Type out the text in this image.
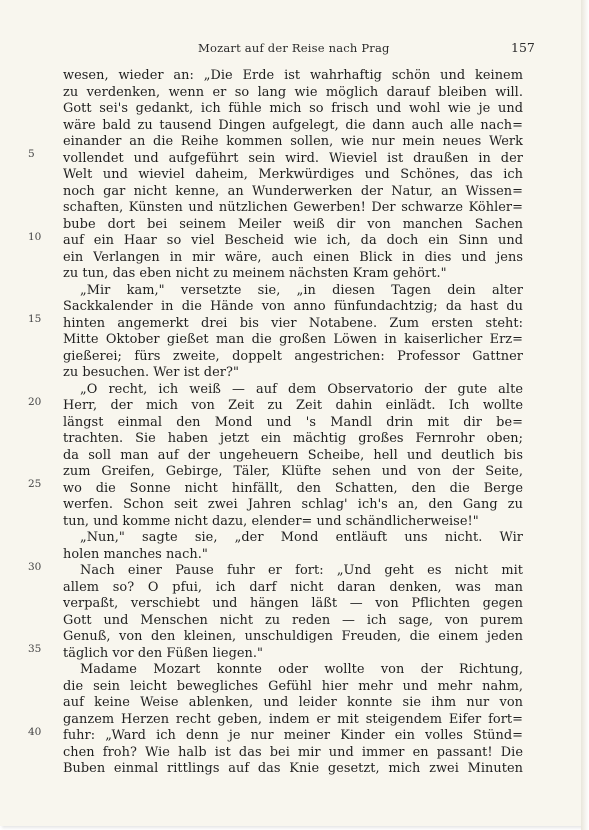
Mozart auf der Reise nach Prag	157
5
10
15
20
25
30
35
40
wesen, wieder an: „Die Erde ist wahrhaftig schön und keinem
zu verdenken, wenn er so lang wie möglich darauf bleiben will.
Gott sei's gedankt, ich fühle mich so frisch und wohl wie je und
wäre bald zu tausend Dingen aufgelegt, die dann auch alle nach=
einander an die Reihe kommen sollen, wie nur mein neues Werk
vollendet und aufgeführt sein wird. Wieviel ist draußen in der
Welt und wieviel daheim, Merkwürdiges und Schönes, das ich
noch gar nicht kenne, an Wunderwerken der Natur, an Wissen=
schaften, Künsten und nützlichen Gewerben! Der schwarze Köhler=
bube dort bei seinem Meiler weiß dir von manchen Sachen
auf ein Haar so viel Bescheid wie ich, da doch ein Sinn und
ein Verlangen in mir wäre, auch einen Blick in dies und jens
zu tun, das eben nicht zu meinem nächsten Kram gehört."
„Mir kam," versetzte sie, „in diesen Tagen dein alter
Sackkalender in die Hände von anno fünfundachtzig; da hast du
hinten angemerkt drei bis vier Notabene. Zum ersten steht:
Mitte Oktober gießet man die großen Löwen in kaiserlicher Erz=
gießerei; fürs zweite, doppelt angestrichen: Professor Gattner
zu besuchen. Wer ist der?"
„O recht, ich weiß — auf dem Observatorio der gute alte
Herr, der mich von Zeit zu Zeit dahin einlädt. Ich wollte
längst einmal den Mond und 's Mandl drin mit dir be=
trachten. Sie haben jetzt ein mächtig großes Fernrohr oben;
da soll man auf der ungeheuern Scheibe, hell und deutlich bis
zum Greifen, Gebirge, Täler, Klüfte sehen und von der Seite,
wo die Sonne nicht hinfällt, den Schatten, den die Berge
werfen. Schon seit zwei Jahren schlag' ich's an, den Gang zu
tun, und komme nicht dazu, elender= und schändlicherweise!"
„Nun," sagte sie, „der Mond entläuft uns nicht. Wir
holen manches nach."
Nach einer Pause fuhr er fort: „Und geht es nicht mit
allem so? O pfui, ich darf nicht daran denken, was man
verpaßt, verschiebt und hängen läßt — von Pflichten gegen
Gott und Menschen nicht zu reden — ich sage, von purem
Genuß, von den kleinen, unschuldigen Freuden, die einem jeden
täglich vor den Füßen liegen."
Madame Mozart konnte oder wollte von der Richtung,
die sein leicht bewegliches Gefühl hier mehr und mehr nahm,
auf keine Weise ablenken, und leider konnte sie ihm nur von
ganzem Herzen recht geben, indem er mit steigendem Eifer fort=
fuhr: „Ward ich denn je nur meiner Kinder ein volles Stünd=
chen froh? Wie halb ist das bei mir und immer en passant! Die
Buben einmal rittlings auf das Knie gesetzt, mich zwei Minuten
